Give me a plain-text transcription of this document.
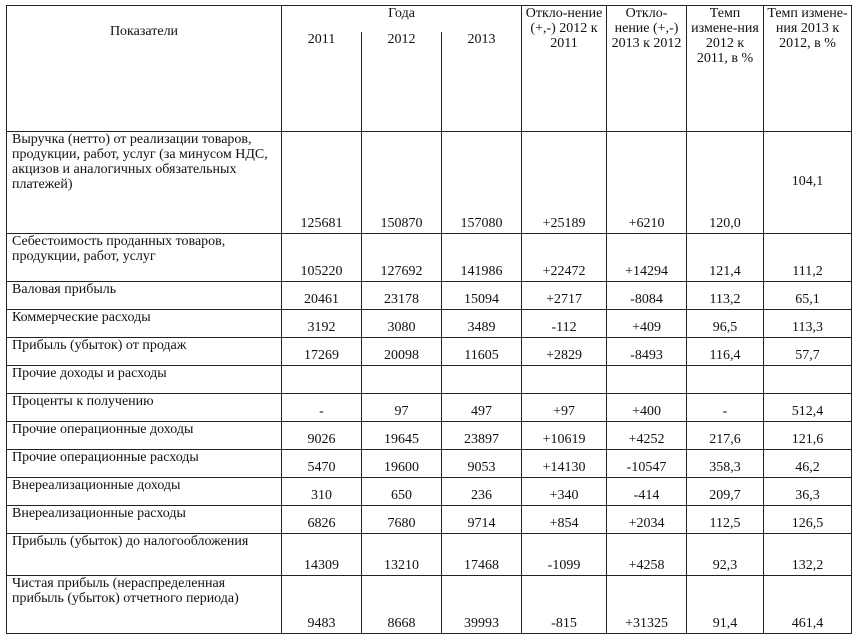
Показатели	Года			Откло-нение (+,-) 2012 к 2011	Откло-нение (+,-) 2013 к 2012	Темп измене-ния 2012 к 2011, в %	Темп измене-ния 2013 к 2012, в %
	2011	2012	2013				
Выручка (нетто) от реализации товаров, продукции, работ, услуг (за минусом НДС, акцизов и аналогичных обязательных платежей)	125681	150870	157080	+25189	+6210	120,0	104,1
Себестоимость проданных товаров, продукции, работ, услуг	105220	127692	141986	+22472	+14294	121,4	111,2
Валовая прибыль	20461	23178	15094	+2717	-8084	113,2	65,1
Коммерческие расходы	3192	3080	3489	-112	+409	96,5	113,3
Прибыль (убыток) от продаж	17269	20098	11605	+2829	-8493	116,4	57,7
Прочие доходы и расходы							
Проценты к получению	-	97	497	+97	+400	-	512,4
Прочие операционные доходы	9026	19645	23897	+10619	+4252	217,6	121,6
Прочие операционные расходы	5470	19600	9053	+14130	-10547	358,3	46,2
Внереализационные доходы	310	650	236	+340	-414	209,7	36,3
Внереализационные расходы	6826	7680	9714	+854	+2034	112,5	126,5
Прибыль (убыток) до налогообложения	14309	13210	17468	-1099	+4258	92,3	132,2
Чистая прибыль (нераспределенная прибыль (убыток) отчетного периода)	9483	8668	39993	-815	+31325	91,4	461,4
